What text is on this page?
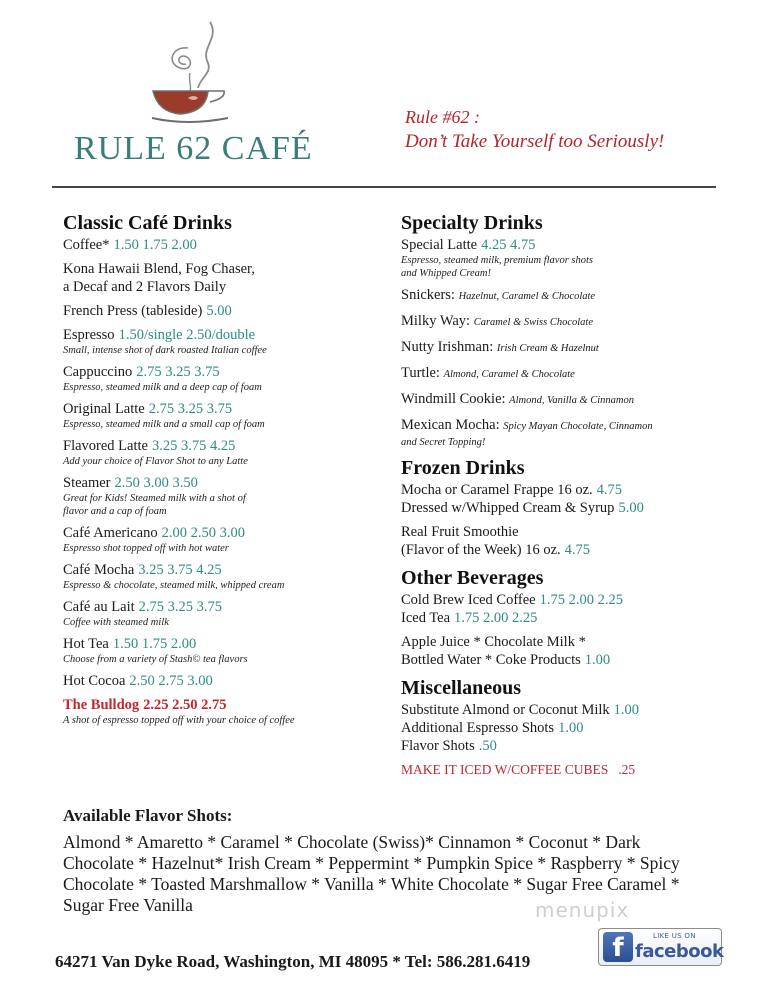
RULE 62 CAFÉ
Rule #62 :
Don’t Take Yourself too Seriously!
Classic Café Drinks
Coffee* 1.50 1.75 2.00
Kona Hawaii Blend, Fog Chaser,
a Decaf and 2 Flavors Daily
French Press (tableside) 5.00
Espresso 1.50/single 2.50/double
Small, intense shot of dark roasted Italian coffee
Cappuccino 2.75 3.25 3.75
Espresso, steamed milk and a deep cap of foam
Original Latte 2.75 3.25 3.75
Espresso, steamed milk and a small cap of foam
Flavored Latte 3.25 3.75 4.25
Add your choice of Flavor Shot to any Latte
Steamer 2.50 3.00 3.50
Great for Kids! Steamed milk with a shot of
flavor and a cap of foam
Café Americano 2.00 2.50 3.00
Espresso shot topped off with hot water
Café Mocha 3.25 3.75 4.25
Espresso & chocolate, steamed milk, whipped cream
Café au Lait 2.75 3.25 3.75
Coffee with steamed milk
Hot Tea 1.50 1.75 2.00
Choose from a variety of Stash© tea flavors
Hot Cocoa 2.50 2.75 3.00
The Bulldog 2.25 2.50 2.75
A shot of espresso topped off with your choice of coffee
Specialty Drinks
Special Latte 4.25 4.75
Espresso, steamed milk, premium flavor shots
and Whipped Cream!
Snickers: Hazelnut, Caramel & Chocolate
Milky Way: Caramel & Swiss Chocolate
Nutty Irishman: Irish Cream & Hazelnut
Turtle: Almond, Caramel & Chocolate
Windmill Cookie: Almond, Vanilla & Cinnamon
Mexican Mocha: Spicy Mayan Chocolate, Cinnamon
and Secret Topping!
Frozen Drinks
Mocha or Caramel Frappe 16 oz. 4.75
Dressed w/Whipped Cream & Syrup 5.00
Real Fruit Smoothie
(Flavor of the Week) 16 oz. 4.75
Other Beverages
Cold Brew Iced Coffee 1.75 2.00 2.25
Iced Tea 1.75 2.00 2.25
Apple Juice * Chocolate Milk *
Bottled Water * Coke Products 1.00
Miscellaneous
Substitute Almond or Coconut Milk 1.00
Additional Espresso Shots 1.00
Flavor Shots .50
MAKE IT ICED W/COFFEE CUBES .25
Available Flavor Shots:
Almond * Amaretto * Caramel * Chocolate (Swiss)* Cinnamon * Coconut * Dark Chocolate * Hazelnut* Irish Cream * Peppermint * Pumpkin Spice * Raspberry * Spicy Chocolate * Toasted Marshmallow * Vanilla * White Chocolate * Sugar Free Caramel * Sugar Free Vanilla	menupix
64271 Van Dyke Road, Washington, MI 48095 * Tel: 586.281.6419	f	LIKE US ON
facebook
